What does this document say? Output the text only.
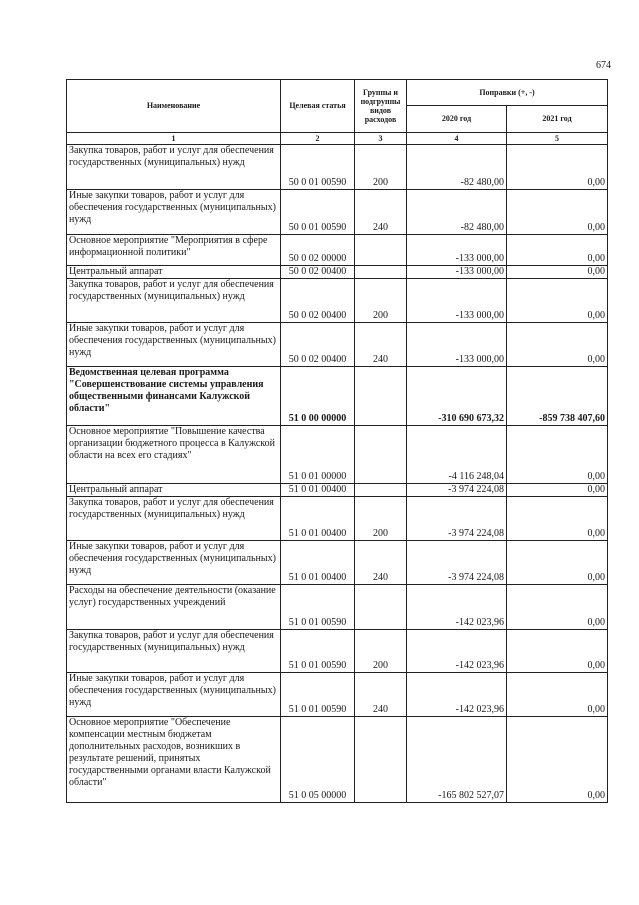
674
Наименование	Целевая статья	Группы и подгруппы видов расходов	Поправки (+, -)	
			2020 год	2021 год
1	2	3	4	5
Закупка товаров, работ и услуг для обеспечения государственных (муниципальных) нужд	50 0 01 00590	200	-82 480,00	0,00
Иные закупки товаров, работ и услуг для обеспечения государственных (муниципальных) нужд	50 0 01 00590	240	-82 480,00	0,00
Основное мероприятие "Мероприятия в сфере информационной политики"	50 0 02 00000		-133 000,00	0,00
Центральный аппарат	50 0 02 00400		-133 000,00	0,00
Закупка товаров, работ и услуг для обеспечения государственных (муниципальных) нужд	50 0 02 00400	200	-133 000,00	0,00
Иные закупки товаров, работ и услуг для обеспечения государственных (муниципальных) нужд	50 0 02 00400	240	-133 000,00	0,00
Ведомственная целевая программа "Совершенствование системы управления общественными финансами Калужской области"	51 0 00 00000		-310 690 673,32	-859 738 407,60
Основное мероприятие "Повышение качества организации бюджетного процесса в Калужской области на всех его стадиях"	51 0 01 00000		-4 116 248,04	0,00
Центральный аппарат	51 0 01 00400		-3 974 224,08	0,00
Закупка товаров, работ и услуг для обеспечения государственных (муниципальных) нужд	51 0 01 00400	200	-3 974 224,08	0,00
Иные закупки товаров, работ и услуг для обеспечения государственных (муниципальных) нужд	51 0 01 00400	240	-3 974 224,08	0,00
Расходы на обеспечение деятельности (оказание услуг) государственных учреждений	51 0 01 00590		-142 023,96	0,00
Закупка товаров, работ и услуг для обеспечения государственных (муниципальных) нужд	51 0 01 00590	200	-142 023,96	0,00
Иные закупки товаров, работ и услуг для обеспечения государственных (муниципальных) нужд	51 0 01 00590	240	-142 023,96	0,00
Основное мероприятие "Обеспечение компенсации местным бюджетам дополнительных расходов, возникших в результате решений, принятых государственными органами власти Калужской области"	51 0 05 00000		-165 802 527,07	0,00
